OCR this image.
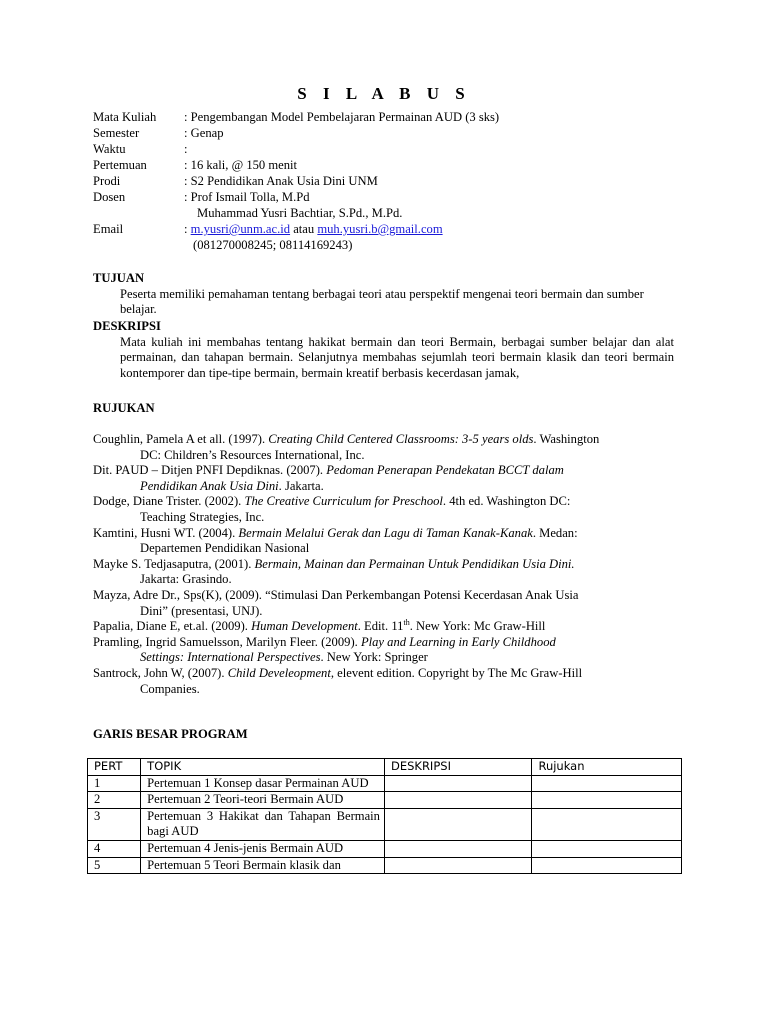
S I L A B U S
Mata Kuliah : Pengembangan Model Pembelajaran Permainan AUD (3 sks)
Semester	: Genap
Waktu	:
Pertemuan	: 16 kali, @ 150 menit
Prodi	: S2 Pendidikan Anak Usia Dini UNM
Dosen	: Prof Ismail Tolla, M.Pd
Muhammad Yusri Bachtiar, S.Pd., M.Pd.
Email	: m.yusri@unm.ac.id atau muh.yusri.b@gmail.com
(081270008245; 08114169243)
TUJUAN
Peserta memiliki pemahaman tentang berbagai teori atau perspektif mengenai teori bermain dan sumber belajar.
DESKRIPSI
Mata kuliah ini membahas tentang hakikat bermain dan teori Bermain, berbagai sumber belajar dan alat permainan, dan tahapan bermain. Selanjutnya membahas sejumlah teori bermain klasik dan teori bermain kontemporer dan tipe-tipe bermain, bermain kreatif berbasis kecerdasan jamak,
RUJUKAN
Coughlin, Pamela A et all. (1997). Creating Child Centered Classrooms: 3-5 years olds. Washington
DC: Children’s Resources International, Inc.
Dit. PAUD – Ditjen PNFI Depdiknas. (2007). Pedoman Penerapan Pendekatan BCCT dalam
Pendidikan Anak Usia Dini. Jakarta.
Dodge, Diane Trister. (2002). The Creative Curriculum for Preschool. 4th ed. Washington DC:
Teaching Strategies, Inc.
Kamtini, Husni WT. (2004). Bermain Melalui Gerak dan Lagu di Taman Kanak-Kanak. Medan:
Departemen Pendidikan Nasional
Mayke S. Tedjasaputra, (2001). Bermain, Mainan dan Permainan Untuk Pendidikan Usia Dini.
Jakarta: Grasindo.
Mayza, Adre Dr., Sps(K), (2009). “Stimulasi Dan Perkembangan Potensi Kecerdasan Anak Usia
Dini” (presentasi, UNJ).
Papalia, Diane E, et.al. (2009). Human Development. Edit. 11th. New York: Mc Graw-Hill
Pramling, Ingrid Samuelsson, Marilyn Fleer. (2009). Play and Learning in Early Childhood
Settings: International Perspectives. New York: Springer
Santrock, John W, (2007). Child Develeopment, elevent edition. Copyright by The Mc Graw-Hill
Companies.
GARIS BESAR PROGRAM
PERT	TOPIK	DESKRIPSI	Rujukan
1	Pertemuan 1 Konsep dasar Permainan AUD		
2	Pertemuan 2 Teori-teori Bermain AUD		
3	Pertemuan 3 Hakikat dan Tahapan Bermain bagi AUD		
4	Pertemuan 4 Jenis-jenis Bermain AUD		
5	Pertemuan 5 Teori Bermain klasik dan		
